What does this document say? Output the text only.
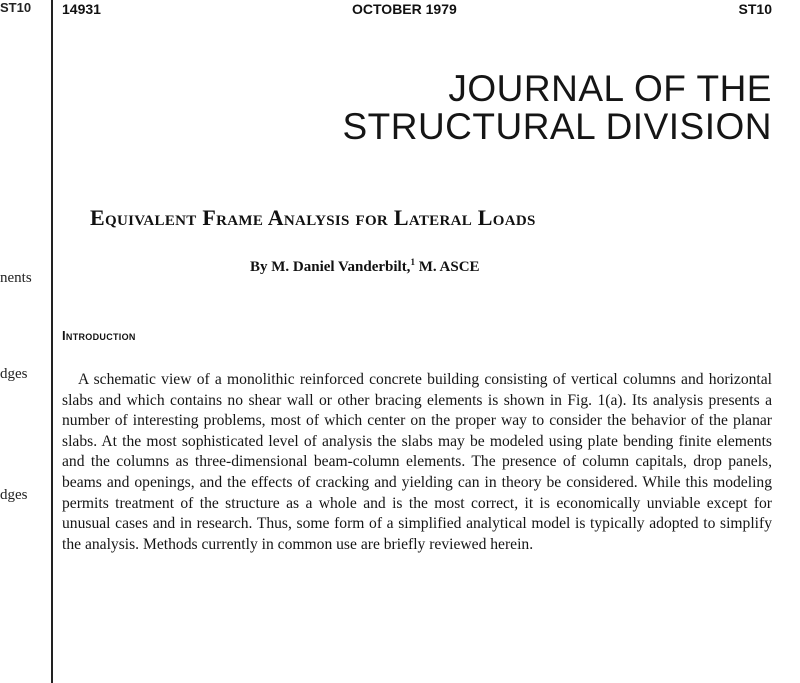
ST10
nents
dges
dges
14931	OCTOBER 1979	ST10
JOURNAL OF THE
STRUCTURAL DIVISION
Equivalent Frame Analysis for Lateral Loads
By M. Daniel Vanderbilt,$^1$ M. ASCE
Introduction

A schematic view of a monolithic reinforced concrete building consisting of vertical columns and horizontal slabs and which contains no shear wall or other bracing elements is shown in Fig. 1(a). Its analysis presents a number of interesting problems, most of which center on the proper way to consider the behavior of the planar slabs. At the most sophisticated level of analysis the slabs may be modeled using plate bending finite elements and the columns as three-dimensional beam-column elements. The presence of column capitals, drop panels, beams and openings, and the effects of cracking and yielding can in theory be considered. While this modeling permits treatment of the structure as a whole and is the most correct, it is economically unviable except for unusual cases and in research. Thus, some form of a simplified analytical model is typically adopted to simplify the analysis. Methods currently in common use are briefly reviewed herein.
